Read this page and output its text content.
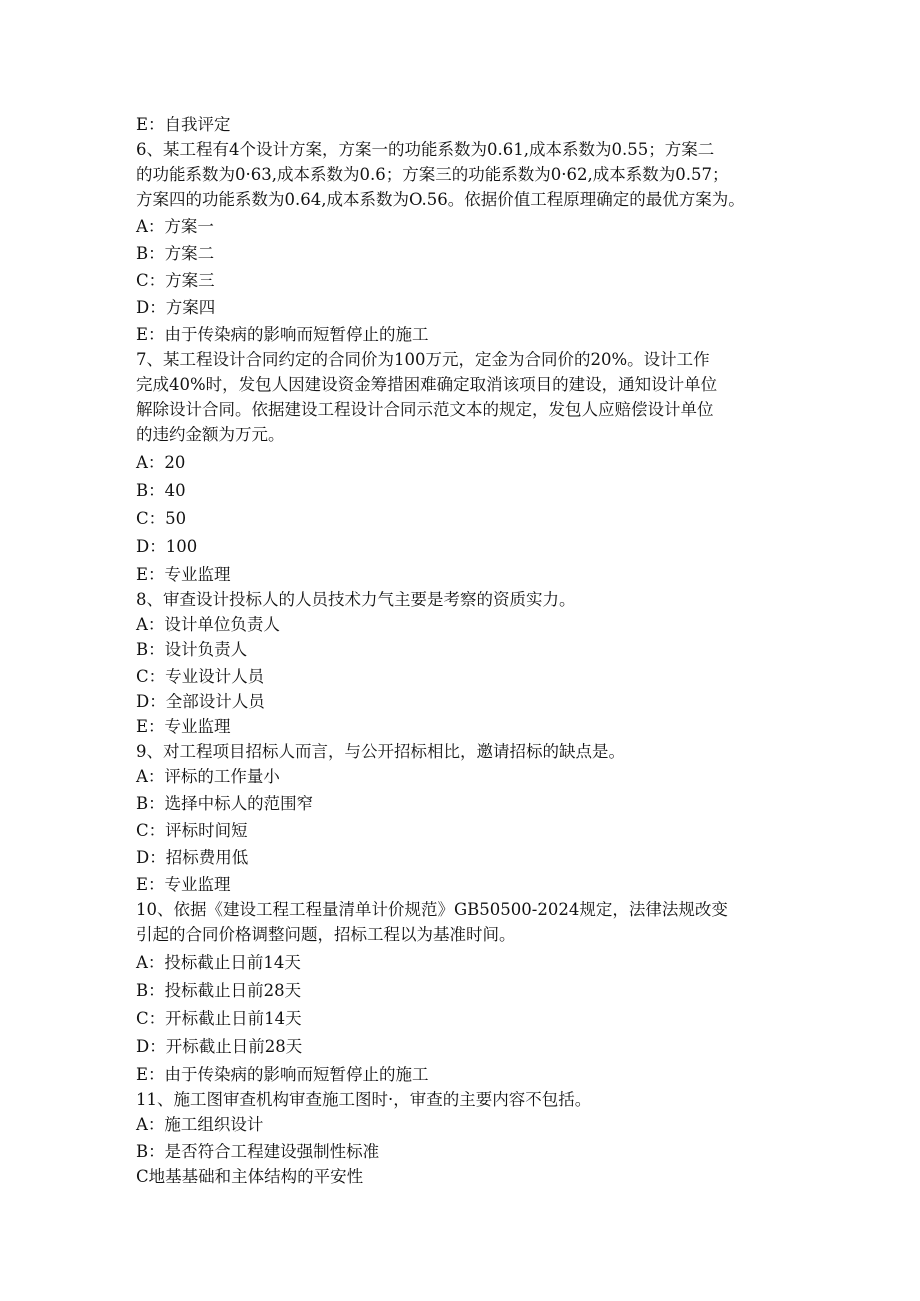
E：自我评定

6、某工程有4个设计方案，方案一的功能系数为0.61,成本系数为0.55；方案二

的功能系数为0·63,成本系数为0.6；方案三的功能系数为0·62,成本系数为0.57；

方案四的功能系数为0.64,成本系数为O.56。依据价值工程原理确定的最优方案为。

A：方案一

B：方案二

C：方案三

D：方案四

E：由于传染病的影响而短暂停止的施工

7、某工程设计合同约定的合同价为100万元，定金为合同价的20%。设计工作

完成40%时，发包人因建设资金筹措困难确定取消该项目的建设，通知设计单位

解除设计合同。依据建设工程设计合同示范文本的规定，发包人应赔偿设计单位

的违约金额为万元。

A：20

B：40

C：50

D：100

E：专业监理

8、审查设计投标人的人员技术力气主要是考察的资质实力。

A：设计单位负责人

B：设计负责人

C：专业设计人员

D：全部设计人员

E：专业监理

9、对工程项目招标人而言，与公开招标相比，邀请招标的缺点是。

A：评标的工作量小

B：选择中标人的范围窄

C：评标时间短

D：招标费用低

E：专业监理

10、依据《建设工程工程量清单计价规范》GB50500-2024规定，法律法规改变

引起的合同价格调整问题，招标工程以为基准时间。

A：投标截止日前14天

B：投标截止日前28天

C：开标截止日前14天

D：开标截止日前28天

E：由于传染病的影响而短暂停止的施工

11、施工图审查机构审查施工图时·，审查的主要内容不包括。

A：施工组织设计

B：是否符合工程建设强制性标准

C地基基础和主体结构的平安性
